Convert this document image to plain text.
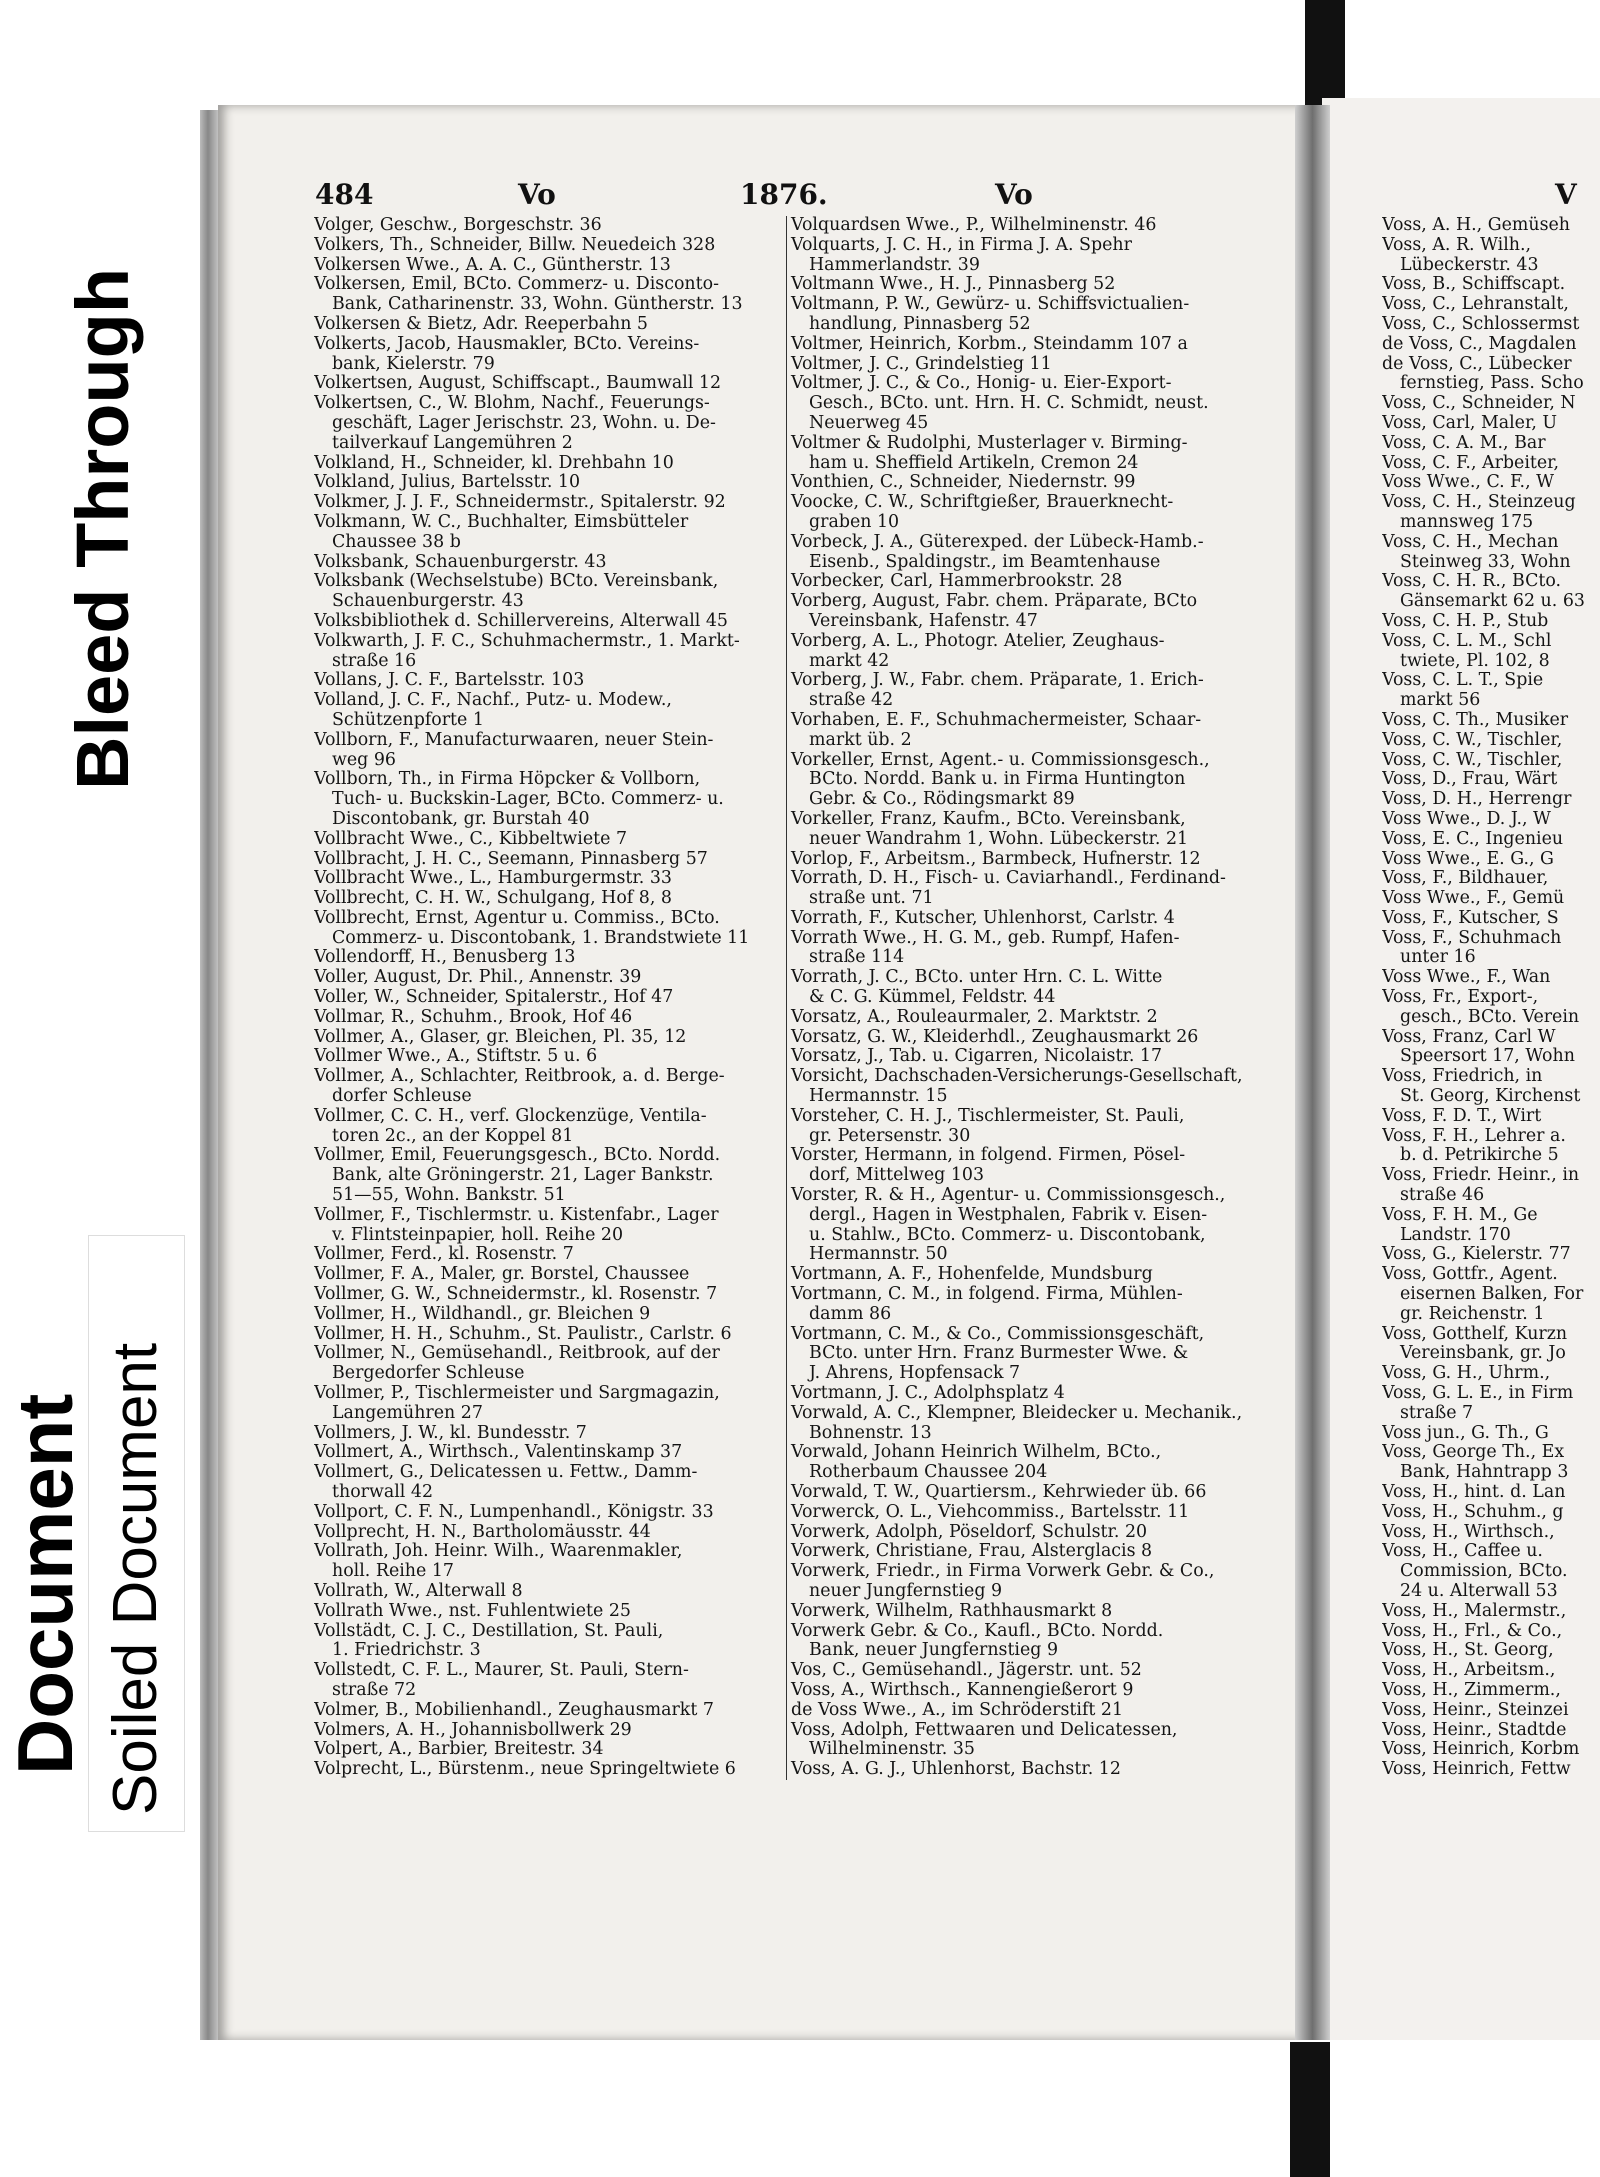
Bleed Through
Document Soiled Document
484	Vo	1876.	Vo	V
Volger, Geschw., Borgeschstr. 36
Volkers, Th., Schneider, Billw. Neuedeich 328
Volkersen Wwe., A. A. C., Güntherstr. 13
Volkersen, Emil, BCto. Commerz- u. Disconto-
Bank, Catharinenstr. 33, Wohn. Güntherstr. 13
Volkersen & Bietz, Adr. Reeperbahn 5
Volkerts, Jacob, Hausmakler, BCto. Vereins-
bank, Kielerstr. 79
Volkertsen, August, Schiffscapt., Baumwall 12
Volkertsen, C., W. Blohm, Nachf., Feuerungs-
geschäft, Lager Jerischstr. 23, Wohn. u. De-
tailverkauf Langemühren 2
Volkland, H., Schneider, kl. Drehbahn 10
Volkland, Julius, Bartelsstr. 10
Volkmer, J. J. F., Schneidermstr., Spitalerstr. 92
Volkmann, W. C., Buchhalter, Eimsbütteler
Chaussee 38 b
Volksbank, Schauenburgerstr. 43
Volksbank (Wechselstube) BCto. Vereinsbank,
Schauenburgerstr. 43
Volksbibliothek d. Schillervereins, Alterwall 45
Volkwarth, J. F. C., Schuhmachermstr., 1. Markt-
straße 16
Vollans, J. C. F., Bartelsstr. 103
Volland, J. C. F., Nachf., Putz- u. Modew.,
Schützenpforte 1
Vollborn, F., Manufacturwaaren, neuer Stein-
weg 96
Vollborn, Th., in Firma Höpcker & Vollborn,
Tuch- u. Buckskin-Lager, BCto. Commerz- u.
Discontobank, gr. Burstah 40
Vollbracht Wwe., C., Kibbeltwiete 7
Vollbracht, J. H. C., Seemann, Pinnasberg 57
Vollbracht Wwe., L., Hamburgermstr. 33
Vollbrecht, C. H. W., Schulgang, Hof 8, 8
Vollbrecht, Ernst, Agentur u. Commiss., BCto.
Commerz- u. Discontobank, 1. Brandstwiete 11
Vollendorff, H., Benusberg 13
Voller, August, Dr. Phil., Annenstr. 39
Voller, W., Schneider, Spitalerstr., Hof 47
Vollmar, R., Schuhm., Brook, Hof 46
Vollmer, A., Glaser, gr. Bleichen, Pl. 35, 12
Vollmer Wwe., A., Stiftstr. 5 u. 6
Vollmer, A., Schlachter, Reitbrook, a. d. Berge-
dorfer Schleuse
Vollmer, C. C. H., verf. Glockenzüge, Ventila-
toren 2c., an der Koppel 81
Vollmer, Emil, Feuerungsgesch., BCto. Nordd.
Bank, alte Gröningerstr. 21, Lager Bankstr.
51—55, Wohn. Bankstr. 51
Vollmer, F., Tischlermstr. u. Kistenfabr., Lager
v. Flintsteinpapier, holl. Reihe 20
Vollmer, Ferd., kl. Rosenstr. 7
Vollmer, F. A., Maler, gr. Borstel, Chaussee
Vollmer, G. W., Schneidermstr., kl. Rosenstr. 7
Vollmer, H., Wildhandl., gr. Bleichen 9
Vollmer, H. H., Schuhm., St. Paulistr., Carlstr. 6
Vollmer, N., Gemüsehandl., Reitbrook, auf der
Bergedorfer Schleuse
Vollmer, P., Tischlermeister und Sargmagazin,
Langemühren 27
Vollmers, J. W., kl. Bundesstr. 7
Vollmert, A., Wirthsch., Valentinskamp 37
Vollmert, G., Delicatessen u. Fettw., Damm-
thorwall 42
Vollport, C. F. N., Lumpenhandl., Königstr. 33
Vollprecht, H. N., Bartholomäusstr. 44
Vollrath, Joh. Heinr. Wilh., Waarenmakler,
holl. Reihe 17
Vollrath, W., Alterwall 8
Vollrath Wwe., nst. Fuhlentwiete 25
Vollstädt, C. J. C., Destillation, St. Pauli,
1. Friedrichstr. 3
Vollstedt, C. F. L., Maurer, St. Pauli, Stern-
straße 72
Volmer, B., Mobilienhandl., Zeughausmarkt 7
Volmers, A. H., Johannisbollwerk 29
Volpert, A., Barbier, Breitestr. 34
Volprecht, L., Bürstenm., neue Springeltwiete 6
Volquardsen Wwe., P., Wilhelminenstr. 46
Volquarts, J. C. H., in Firma J. A. Spehr
Hammerlandstr. 39
Voltmann Wwe., H. J., Pinnasberg 52
Voltmann, P. W., Gewürz- u. Schiffsvictualien-
handlung, Pinnasberg 52
Voltmer, Heinrich, Korbm., Steindamm 107 a
Voltmer, J. C., Grindelstieg 11
Voltmer, J. C., & Co., Honig- u. Eier-Export-
Gesch., BCto. unt. Hrn. H. C. Schmidt, neust.
Neuerweg 45
Voltmer & Rudolphi, Musterlager v. Birming-
ham u. Sheffield Artikeln, Cremon 24
Vonthien, C., Schneider, Niedernstr. 99
Voocke, C. W., Schriftgießer, Brauerknecht-
graben 10
Vorbeck, J. A., Güterexped. der Lübeck-Hamb.-
Eisenb., Spaldingstr., im Beamtenhause
Vorbecker, Carl, Hammerbrookstr. 28
Vorberg, August, Fabr. chem. Präparate, BCto
Vereinsbank, Hafenstr. 47
Vorberg, A. L., Photogr. Atelier, Zeughaus-
markt 42
Vorberg, J. W., Fabr. chem. Präparate, 1. Erich-
straße 42
Vorhaben, E. F., Schuhmachermeister, Schaar-
markt üb. 2
Vorkeller, Ernst, Agent.- u. Commissionsgesch.,
BCto. Nordd. Bank u. in Firma Huntington
Gebr. & Co., Rödingsmarkt 89
Vorkeller, Franz, Kaufm., BCto. Vereinsbank,
neuer Wandrahm 1, Wohn. Lübeckerstr. 21
Vorlop, F., Arbeitsm., Barmbeck, Hufnerstr. 12
Vorrath, D. H., Fisch- u. Caviarhandl., Ferdinand-
straße unt. 71
Vorrath, F., Kutscher, Uhlenhorst, Carlstr. 4
Vorrath Wwe., H. G. M., geb. Rumpf, Hafen-
straße 114
Vorrath, J. C., BCto. unter Hrn. C. L. Witte
& C. G. Kümmel, Feldstr. 44
Vorsatz, A., Rouleaurmaler, 2. Marktstr. 2
Vorsatz, G. W., Kleiderhdl., Zeughausmarkt 26
Vorsatz, J., Tab. u. Cigarren, Nicolaistr. 17
Vorsicht, Dachschaden-Versicherungs-Gesellschaft,
Hermannstr. 15
Vorsteher, C. H. J., Tischlermeister, St. Pauli,
gr. Petersenstr. 30
Vorster, Hermann, in folgend. Firmen, Pösel-
dorf, Mittelweg 103
Vorster, R. & H., Agentur- u. Commissionsgesch.,
dergl., Hagen in Westphalen, Fabrik v. Eisen-
u. Stahlw., BCto. Commerz- u. Discontobank,
Hermannstr. 50
Vortmann, A. F., Hohenfelde, Mundsburg
Vortmann, C. M., in folgend. Firma, Mühlen-
damm 86
Vortmann, C. M., & Co., Commissionsgeschäft,
BCto. unter Hrn. Franz Burmester Wwe. &
J. Ahrens, Hopfensack 7
Vortmann, J. C., Adolphsplatz 4
Vorwald, A. C., Klempner, Bleidecker u. Mechanik.,
Bohnenstr. 13
Vorwald, Johann Heinrich Wilhelm, BCto.,
Rotherbaum Chaussee 204
Vorwald, T. W., Quartiersm., Kehrwieder üb. 66
Vorwerck, O. L., Viehcommiss., Bartelsstr. 11
Vorwerk, Adolph, Pöseldorf, Schulstr. 20
Vorwerk, Christiane, Frau, Alsterglacis 8
Vorwerk, Friedr., in Firma Vorwerk Gebr. & Co.,
neuer Jungfernstieg 9
Vorwerk, Wilhelm, Rathhausmarkt 8
Vorwerk Gebr. & Co., Kaufl., BCto. Nordd.
Bank, neuer Jungfernstieg 9
Vos, C., Gemüsehandl., Jägerstr. unt. 52
Voss, A., Wirthsch., Kannengießerort 9
de Voss Wwe., A., im Schröderstift 21
Voss, Adolph, Fettwaaren und Delicatessen,
Wilhelminenstr. 35
Voss, A. G. J., Uhlenhorst, Bachstr. 12
Voss, A. H., Gemüseh
Voss, A. R. Wilh.,
Lübeckerstr. 43
Voss, B., Schiffscapt.
Voss, C., Lehranstalt,
Voss, C., Schlossermst
de Voss, C., Magdalen
de Voss, C., Lübecker
fernstieg, Pass. Scho
Voss, C., Schneider, N
Voss, Carl, Maler, U
Voss, C. A. M., Bar
Voss, C. F., Arbeiter,
Voss Wwe., C. F., W
Voss, C. H., Steinzeug
mannsweg 175
Voss, C. H., Mechan
Steinweg 33, Wohn
Voss, C. H. R., BCto.
Gänsemarkt 62 u. 63
Voss, C. H. P., Stub
Voss, C. L. M., Schl
twiete, Pl. 102, 8
Voss, C. L. T., Spie
markt 56
Voss, C. Th., Musiker
Voss, C. W., Tischler,
Voss, C. W., Tischler,
Voss, D., Frau, Wärt
Voss, D. H., Herrengr
Voss Wwe., D. J., W
Voss, E. C., Ingenieu
Voss Wwe., E. G., G
Voss, F., Bildhauer,
Voss Wwe., F., Gemü
Voss, F., Kutscher, S
Voss, F., Schuhmach
unter 16
Voss Wwe., F., Wan
Voss, Fr., Export-,
gesch., BCto. Verein
Voss, Franz, Carl W
Speersort 17, Wohn
Voss, Friedrich, in
St. Georg, Kirchenst
Voss, F. D. T., Wirt
Voss, F. H., Lehrer a.
b. d. Petrikirche 5
Voss, Friedr. Heinr., in
straße 46
Voss, F. H. M., Ge
Landstr. 170
Voss, G., Kielerstr. 77
Voss, Gottfr., Agent.
eisernen Balken, For
gr. Reichenstr. 1
Voss, Gotthelf, Kurzn
Vereinsbank, gr. Jo
Voss, G. H., Uhrm.,
Voss, G. L. E., in Firm
straße 7
Voss jun., G. Th., G
Voss, George Th., Ex
Bank, Hahntrapp 3
Voss, H., hint. d. Lan
Voss, H., Schuhm., g
Voss, H., Wirthsch.,
Voss, H., Caffee u.
Commission, BCto.
24 u. Alterwall 53
Voss, H., Malermstr.,
Voss, H., Frl., & Co.,
Voss, H., St. Georg,
Voss, H., Arbeitsm.,
Voss, H., Zimmerm.,
Voss, Heinr., Steinzei
Voss, Heinr., Stadtde
Voss, Heinrich, Korbm
Voss, Heinrich, Fettw
